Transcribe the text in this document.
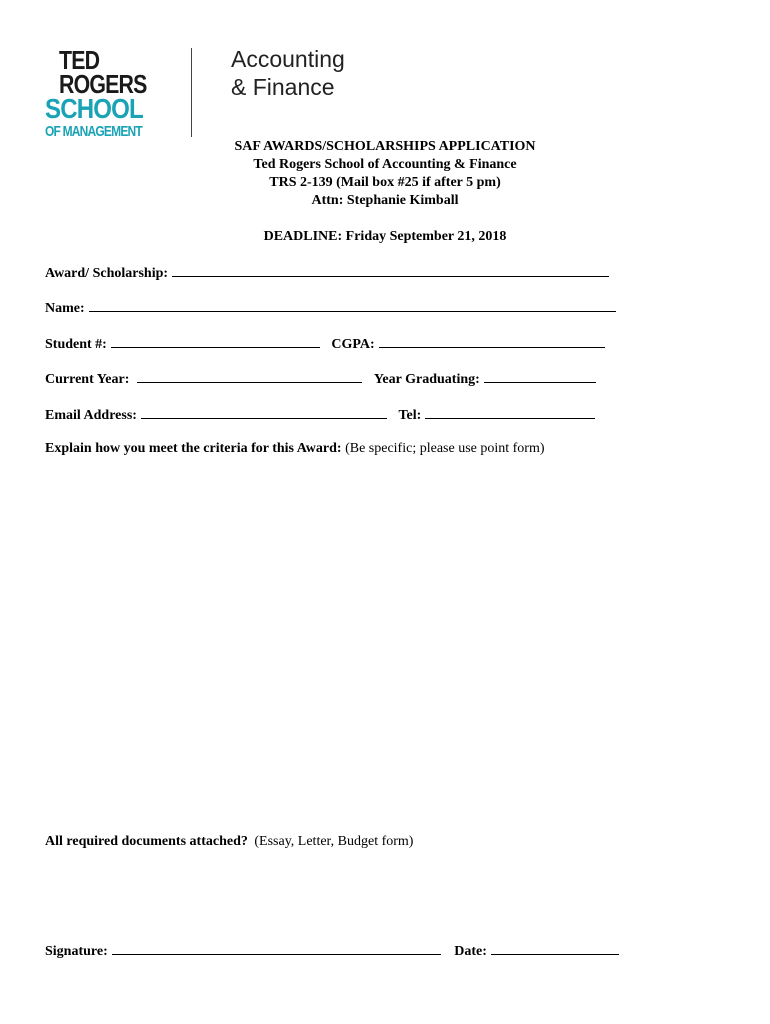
TED
ROGERS
SCHOOL
OF MANAGEMENT
Accounting
& Finance
SAF AWARDS/SCHOLARSHIPS APPLICATION
Ted Rogers School of Accounting & Finance
TRS 2-139 (Mail box #25 if after 5 pm)
Attn: Stephanie Kimball
DEADLINE: Friday September 21, 2018
Award/ Scholarship:
Name:
Student #:	CGPA:
Current Year:	Year Graduating:
Email Address:	Tel:
Explain how you meet the criteria for this Award: (Be specific; please use point form)
All required documents attached? (Essay, Letter, Budget form)
Signature:	Date:
